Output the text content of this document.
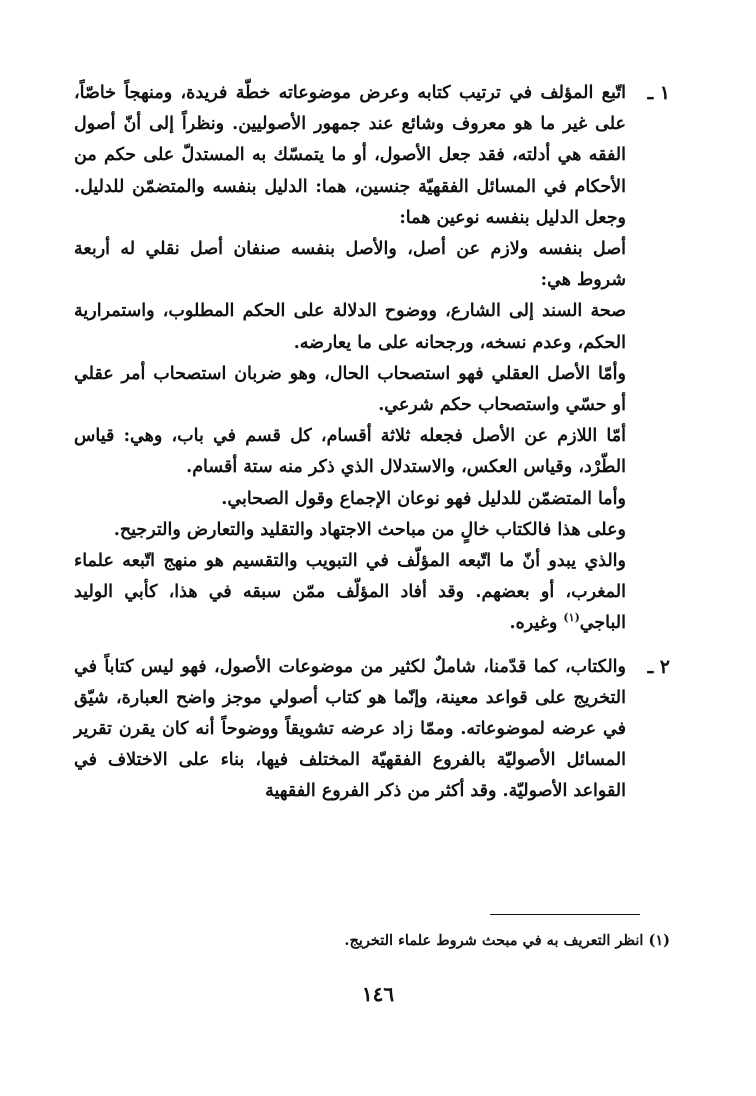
١ ـ

اتّبع المؤلف في ترتيب كتابه وعرض موضوعاته خطّة فريدة، ومنهجاً خاصّاً، على غير ما هو معروف وشائع عند جمهور الأصوليين. ونظراً إلى أنّ أصول الفقه هي أدلته، فقد جعل الأصول، أو ما يتمسّك به المستدلّ على حكم من الأحكام في المسائل الفقهيّة جنسين، هما: الدليل بنفسه والمتضمّن للدليل. وجعل الدليل بنفسه نوعين هما:

أصل بنفسه ولازم عن أصل، والأصل بنفسه صنفان أصل نقلي له أربعة شروط هي:

صحة السند إلى الشارع، ووضوح الدلالة على الحكم المطلوب، واستمرارية الحكم، وعدم نسخه، ورجحانه على ما يعارضه.

وأمّا الأصل العقلي فهو استصحاب الحال، وهو ضربان استصحاب أمر عقلي أو حسّي واستصحاب حكم شرعي.

أمّا اللازم عن الأصل فجعله ثلاثة أقسام، كل قسم في باب، وهي: قياس الطّرْد، وقياس العكس، والاستدلال الذي ذكر منه ستة أقسام.

وأما المتضمّن للدليل فهو نوعان الإجماع وقول الصحابي.

وعلى هذا فالكتاب خالٍ من مباحث الاجتهاد والتقليد والتعارض والترجيح.

والذي يبدو أنّ ما اتّبعه المؤلّف في التبويب والتقسيم هو منهج اتّبعه علماء المغرب، أو بعضهم. وقد أفاد المؤلّف ممّن سبقه في هذا، كأبي الوليد الباجي$^{(١)}$ وغيره.

٢ ـ

والكتاب، كما قدّمنا، شاملٌ لكثير من موضوعات الأصول، فهو ليس كتاباً في التخريج على قواعد معينة، وإنّما هو كتاب أصولي موجز واضح العبارة، شيّق في عرضه لموضوعاته. وممّا زاد عرضه تشويقاً ووضوحاً أنه كان يقرن تقرير المسائل الأصوليّة بالفروع الفقهيّة المختلف فيها، بناء على الاختلاف في القواعد الأصوليّة. وقد أكثر من ذكر الفروع الفقهية

(١) انظر التعريف به في مبحث شروط علماء التخريج.
١٤٦
